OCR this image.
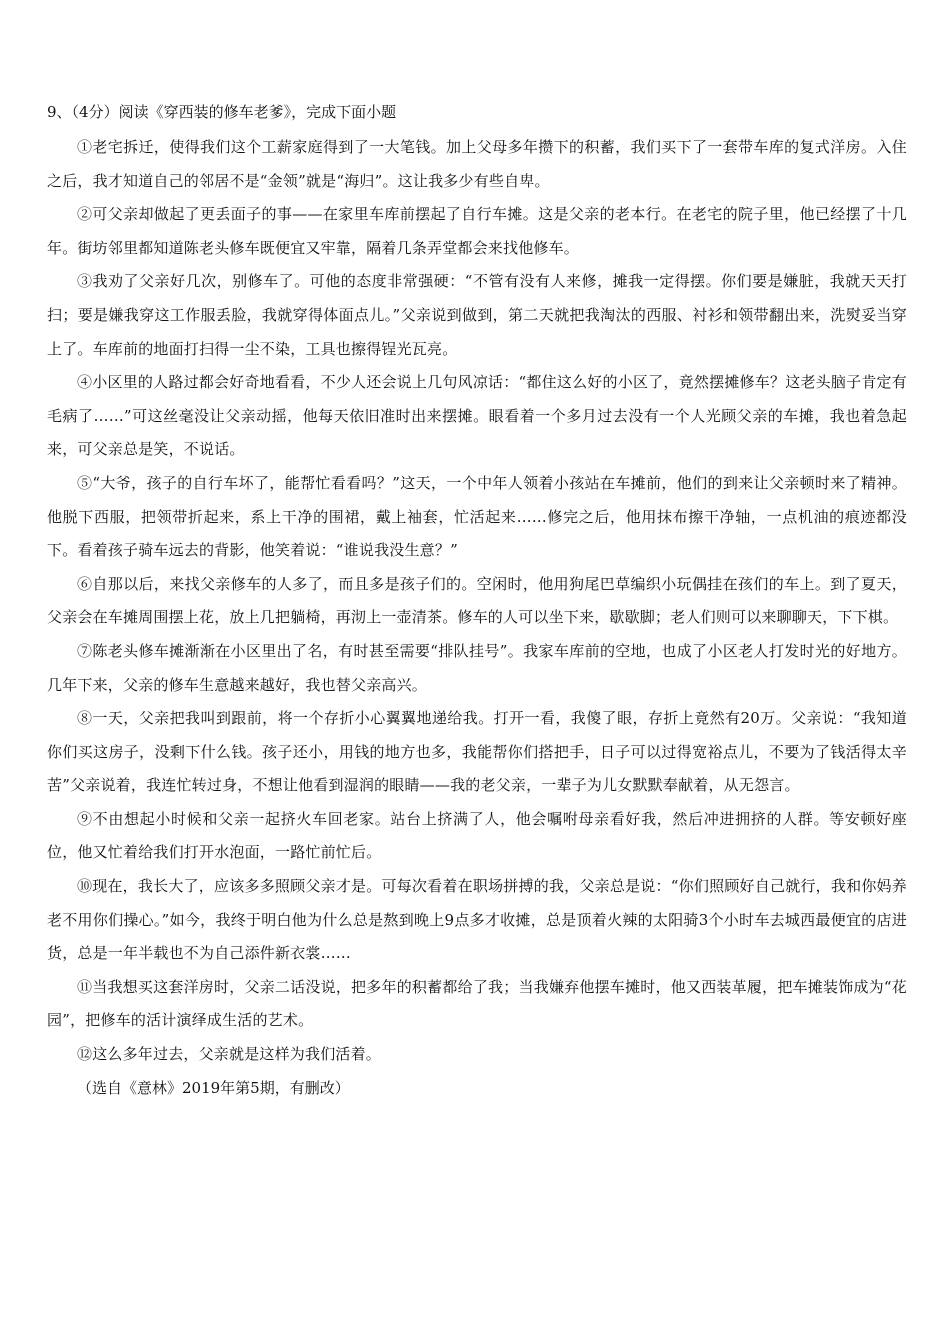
9、（4分）阅读《穿西装的修车老爹》，完成下面小题

①老宅拆迁，使得我们这个工薪家庭得到了一大笔钱。加上父母多年攒下的积蓄，我们买下了一套带车库的复式洋房。入住之后，我才知道自己的邻居不是“金领”就是“海归”。这让我多少有些自卑。

②可父亲却做起了更丢面子的事——在家里车库前摆起了自行车摊。这是父亲的老本行。在老宅的院子里，他已经摆了十几年。街坊邻里都知道陈老头修车既便宜又牢靠，隔着几条弄堂都会来找他修车。

③我劝了父亲好几次，别修车了。可他的态度非常强硬：“不管有没有人来修，摊我一定得摆。你们要是嫌脏，我就天天打扫；要是嫌我穿这工作服丢脸，我就穿得体面点儿。”父亲说到做到，第二天就把我淘汰的西服、衬衫和领带翻出来，洗熨妥当穿上了。车库前的地面打扫得一尘不染，工具也擦得锃光瓦亮。

④小区里的人路过都会好奇地看看，不少人还会说上几句风凉话：“都住这么好的小区了，竟然摆摊修车？这老头脑子肯定有毛病了……”可这丝毫没让父亲动摇，他每天依旧准时出来摆摊。眼看着一个多月过去没有一个人光顾父亲的车摊，我也着急起来，可父亲总是笑，不说话。

⑤“大爷，孩子的自行车坏了，能帮忙看看吗？”这天，一个中年人领着小孩站在车摊前，他们的到来让父亲顿时来了精神。他脱下西服，把领带折起来，系上干净的围裙，戴上袖套，忙活起来……修完之后，他用抹布擦干净轴，一点机油的痕迹都没下。看着孩子骑车远去的背影，他笑着说：“谁说我没生意？”

⑥自那以后，来找父亲修车的人多了，而且多是孩子们的。空闲时，他用狗尾巴草编织小玩偶挂在孩们的车上。到了夏天，父亲会在车摊周围摆上花，放上几把躺椅，再沏上一壶清茶。修车的人可以坐下来，歇歇脚；老人们则可以来聊聊天，下下棋。

⑦陈老头修车摊渐渐在小区里出了名，有时甚至需要“排队挂号”。我家车库前的空地，也成了小区老人打发时光的好地方。几年下来，父亲的修车生意越来越好，我也替父亲高兴。

⑧一天，父亲把我叫到跟前，将一个存折小心翼翼地递给我。打开一看，我傻了眼，存折上竟然有20万。父亲说：“我知道你们买这房子，没剩下什么钱。孩子还小，用钱的地方也多，我能帮你们搭把手，日子可以过得宽裕点儿，不要为了钱活得太辛苦”父亲说着，我连忙转过身，不想让他看到湿润的眼睛——我的老父亲，一辈子为儿女默默奉献着，从无怨言。

⑨不由想起小时候和父亲一起挤火车回老家。站台上挤满了人，他会嘱咐母亲看好我，然后冲进拥挤的人群。等安顿好座位，他又忙着给我们打开水泡面，一路忙前忙后。

⑩现在，我长大了，应该多多照顾父亲才是。可每次看着在职场拼搏的我，父亲总是说：“你们照顾好自己就行，我和你妈养老不用你们操心。”如今，我终于明白他为什么总是熬到晚上9点多才收摊，总是顶着火辣的太阳骑3个小时车去城西最便宜的店进货，总是一年半载也不为自己添件新衣裳……

⑪当我想买这套洋房时，父亲二话没说，把多年的积蓄都给了我；当我嫌弃他摆车摊时，他又西装革履，把车摊装饰成为“花园”，把修车的活计演绎成生活的艺术。

⑫这么多年过去，父亲就是这样为我们活着。

（选自《意林》2019年第5期，有删改）
